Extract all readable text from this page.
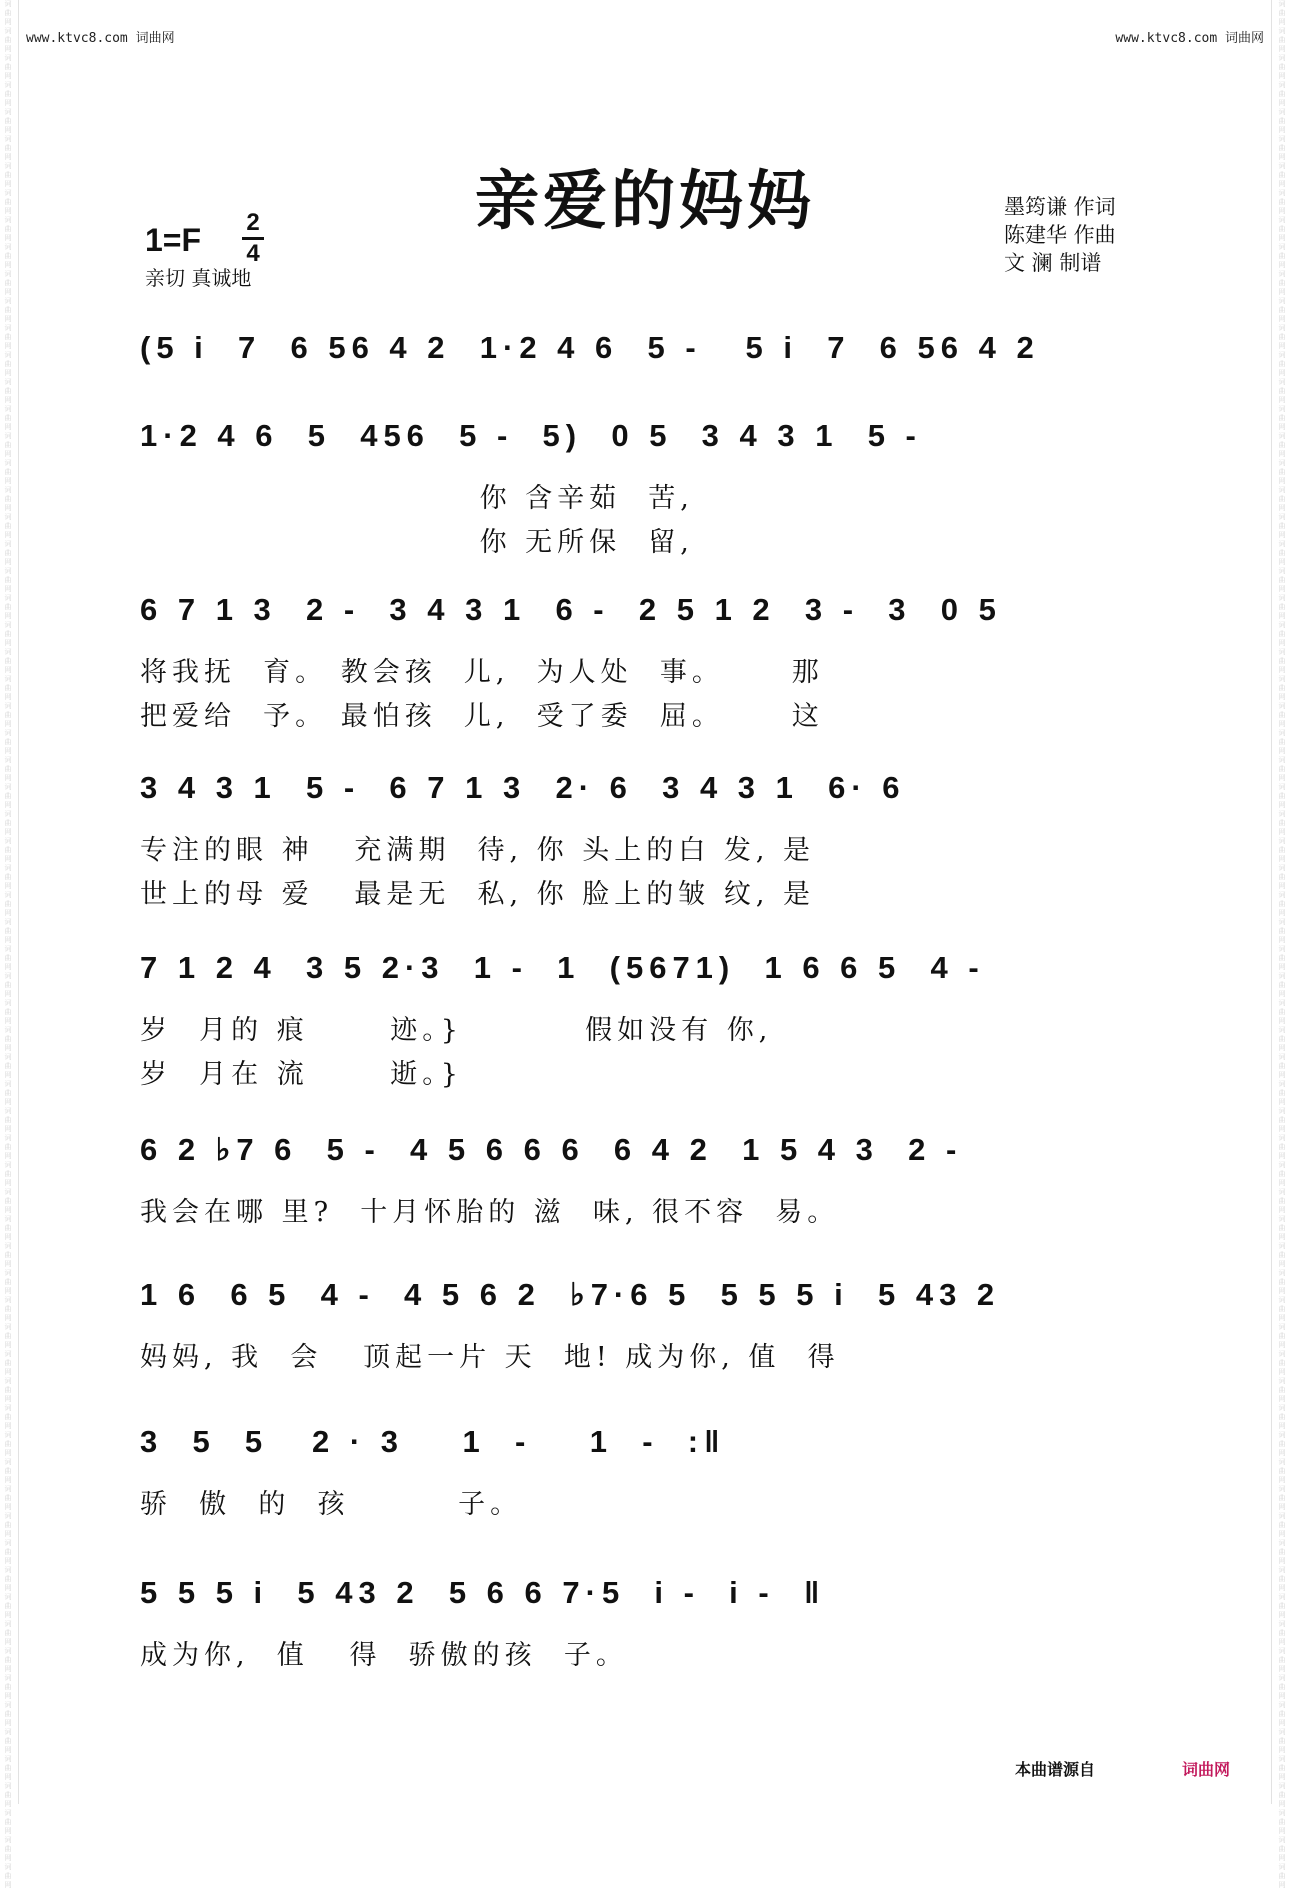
词曲网词曲网词曲网词曲网词曲网词曲网词曲网词曲网词曲网词曲网词曲网词曲网词曲网词曲网词曲网词曲网词曲网词曲网词曲网词曲网词曲网词曲网词曲网词曲网词曲网词曲网词曲网词曲网词曲网词曲网词曲网词曲网词曲网词曲网词曲网词曲网词曲网词曲网词曲网词曲网词曲网词曲网词曲网词曲网词曲网词曲网词曲网词曲网词曲网词曲网词曲网词曲网词曲网词曲网词曲网词曲网词曲网词曲网词曲网词曲网词曲网词曲网词曲网词曲网词曲网词曲网词曲网词曲网词曲网词曲网
词曲网词曲网词曲网词曲网词曲网词曲网词曲网词曲网词曲网词曲网词曲网词曲网词曲网词曲网词曲网词曲网词曲网词曲网词曲网词曲网词曲网词曲网词曲网词曲网词曲网词曲网词曲网词曲网词曲网词曲网词曲网词曲网词曲网词曲网词曲网词曲网词曲网词曲网词曲网词曲网词曲网词曲网词曲网词曲网词曲网词曲网词曲网词曲网词曲网词曲网词曲网词曲网词曲网词曲网词曲网词曲网词曲网词曲网词曲网词曲网词曲网词曲网词曲网词曲网词曲网词曲网词曲网词曲网词曲网词曲网
www.ktvc8.com 词曲网	www.ktvc8.com 词曲网
亲爱的妈妈
1=F 2
4
亲切 真诚地
墨筠谦 作词
陈建华 作曲
文 澜 制谱
(5 i  7  6 56 4 2  1·2 4 6  5 -   5 i  7  6 56 4 2
1·2 4 6  5  456  5 -  5)  0 5  3 4 3 1  5 -
你 含辛茹  苦,
你 无所保  留,
6 7 1 3  2 -  3 4 3 1  6 -  2 5 1 2  3 -  3  0 5
将我抚  育。 教会孩  儿,  为人处  事。     那
把爱给  予。 最怕孩  儿,  受了委  屈。     这
3 4 3 1  5 -  6 7 1 3  2· 6  3 4 3 1  6· 6
专注的眼 神   充满期  待, 你 头上的白 发, 是
世上的母 爱   最是无  私, 你 脸上的皱 纹, 是
7 1 2 4  3 5 2·3  1 -  1  (5671)  1 6 6 5  4 -
岁  月的 痕      迹。}         假如没有 你,
岁  月在 流      逝。}
6 2 ♭7 6  5 -  4 5 6 6 6  6 4 2  1 5 4 3  2 -
我会在哪 里?  十月怀胎的 滋  味, 很不容  易。
1 6  6 5  4 -  4 5 6 2  ♭7·6 5  5 5 5 i  5 43 2
妈妈, 我  会   顶起一片 天  地! 成为你, 值  得
3  5  5   2 · 3    1  -    1  -  :‖
骄  傲  的  孩        子。
5 5 5 i  5 43 2  5 6 6 7·5  i -  i -  ‖
成为你,  值   得  骄傲的孩  子。
本曲谱源自	词曲网
